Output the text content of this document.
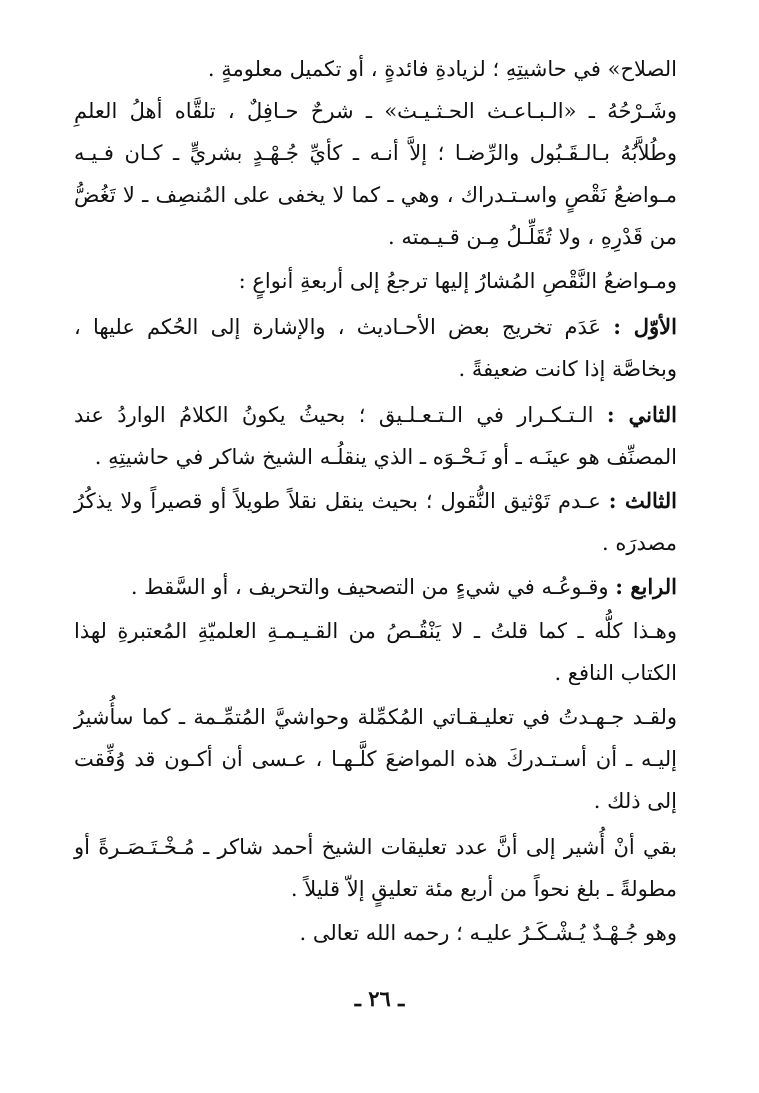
الصلاح» في حاشيتِهِ ؛ لزيادةِ فائدةٍ ، أو تكميل معلومةٍ .

وشَـرْحُهُ ـ «الـبـاعـث الحـثـيـث» ـ شرحٌ حـافِلٌ ، تلقَّاه أهلُ العلمِ وطُلاَّبُهُ بـالـقَـبُول والرِّضـا ؛ إلاَّ أنـه ـ كأيِّ جُـهْـدٍ بشريٍّ ـ كـان فـيـه مـواضعُ نَقْصٍ واسـتـدراك ، وهي ـ كما لا يخفى على المُنصِف ـ لا تَغُضُّ من قَدْرِهِ ، ولا تُقَلِّـلُ مِـن قـيـمته .

ومـواضعُ النَّقْصِ المُشارُ إليها ترجعُ إلى أربعةِ أنواعٍ :

الأوّل : عَدَم تخريج بعض الأحـاديث ، والإشارة إلى الحُكم عليها ، وبخاصَّة إذا كانت ضعيفةً .

الثاني : الـتـكـرار في الـتـعـلـيق ؛ بحيثُ يكونُ الكلامُ الواردُ عند المصنِّف هو عينَـه ـ أو نَـحْـوَه ـ الذي ينقلُـه الشيخ شاكر في حاشيتِهِ .

الثالث : عـدم تَوْثيق النُّقول ؛ بحيث ينقل نقلاً طويلاً أو قصيراً ولا يذكُرُ مصدرَه .

الرابع : وقـوعُـه في شيءٍ من التصحيف والتحريف ، أو السَّقط .

وهـذا كلُّه ـ كما قلتُ ـ لا يَنْقُـصُ من القـيـمـةِ العلميّةِ المُعتبرةِ لهذا الكتاب النافع .

ولقـد جـهـدتُ في تعليـقـاتي المُكمِّلة وحواشيَّ المُتمِّـمة ـ كما سأُشيرُ إليـه ـ أن أسـتـدركَ هذه المواضعَ كلَّـهـا ، عـسى أن أكـون قد وُفِّقت إلى ذلك .

بقي أنْ أُشير إلى أنَّ عدد تعليقات الشيخ أحمد شاكر ـ مُـخْـتَـصَـرةً أو مطولةً ـ بلغ نحواً من أربع مئة تعليقٍ إلاّ قليلاً .

وهو جُـهْـدٌ يُـشْـكَـرُ عليـه ؛ رحمه الله تعالى .

ـ ٢٦ ـ
